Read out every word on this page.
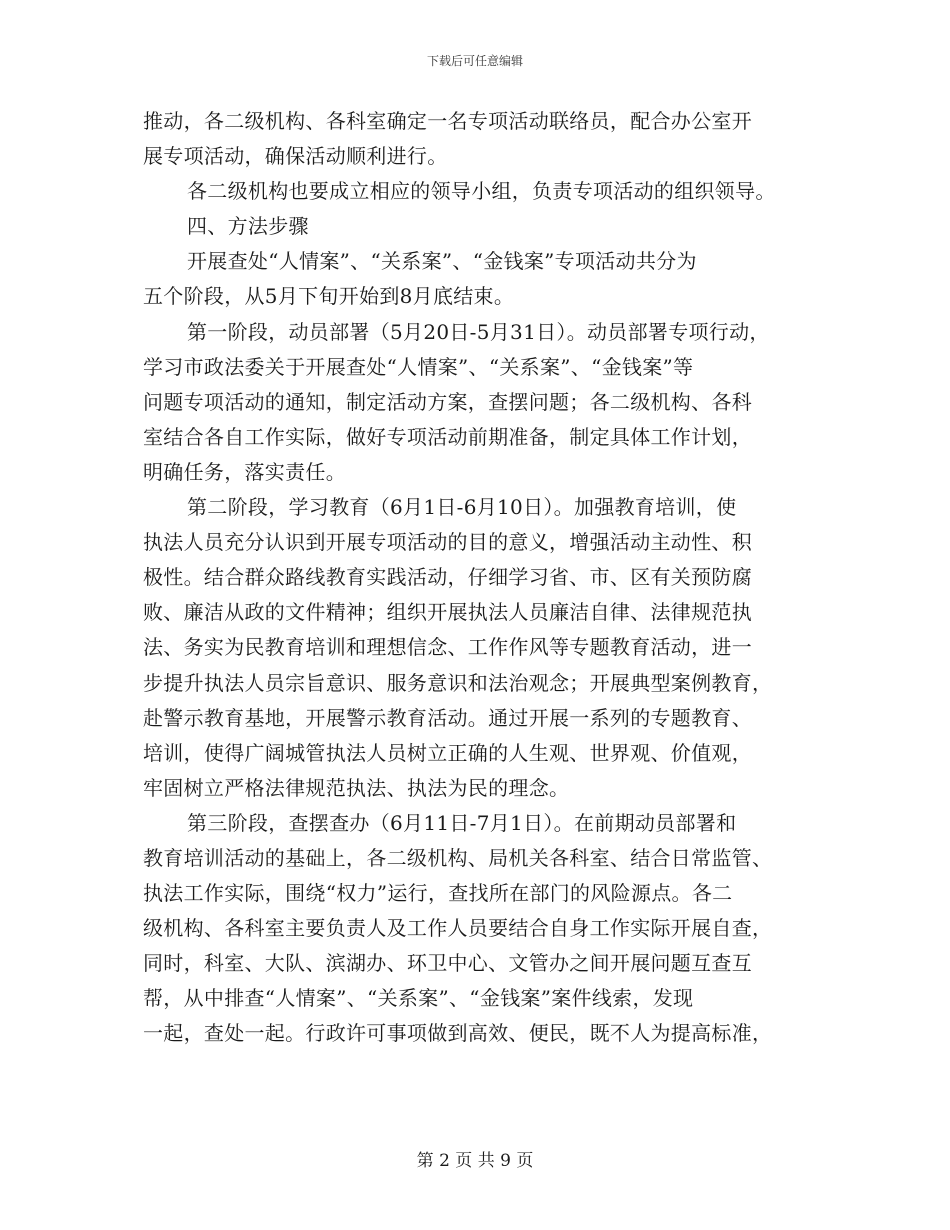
下载后可任意编辑
推动，各二级机构、各科室确定一名专项活动联络员，配合办公室开
展专项活动，确保活动顺利进行。
各二级机构也要成立相应的领导小组，负责专项活动的组织领导。
四、方法步骤
开展查处“人情案”、“关系案”、“金钱案”专项活动共分为
五个阶段，从5月下旬开始到8月底结束。
第一阶段，动员部署（5月20日-5月31日）。动员部署专项行动，
学习市政法委关于开展查处“人情案”、“关系案”、“金钱案”等
问题专项活动的通知，制定活动方案，查摆问题；各二级机构、各科
室结合各自工作实际，做好专项活动前期准备，制定具体工作计划，
明确任务，落实责任。
第二阶段，学习教育（6月1日-6月10日）。加强教育培训，使
执法人员充分认识到开展专项活动的目的意义，增强活动主动性、积
极性。结合群众路线教育实践活动，仔细学习省、市、区有关预防腐
败、廉洁从政的文件精神；组织开展执法人员廉洁自律、法律规范执
法、务实为民教育培训和理想信念、工作作风等专题教育活动，进一
步提升执法人员宗旨意识、服务意识和法治观念；开展典型案例教育，
赴警示教育基地，开展警示教育活动。通过开展一系列的专题教育、
培训，使得广阔城管执法人员树立正确的人生观、世界观、价值观，
牢固树立严格法律规范执法、执法为民的理念。
第三阶段，查摆查办（6月11日-7月1日）。在前期动员部署和
教育培训活动的基础上，各二级机构、局机关各科室、结合日常监管、
执法工作实际，围绕“权力”运行，查找所在部门的风险源点。各二
级机构、各科室主要负责人及工作人员要结合自身工作实际开展自查，
同时，科室、大队、滨湖办、环卫中心、文管办之间开展问题互查互
帮，从中排查“人情案”、“关系案”、“金钱案”案件线索，发现
一起，查处一起。行政许可事项做到高效、便民，既不人为提高标准，
第 2 页 共 9 页
